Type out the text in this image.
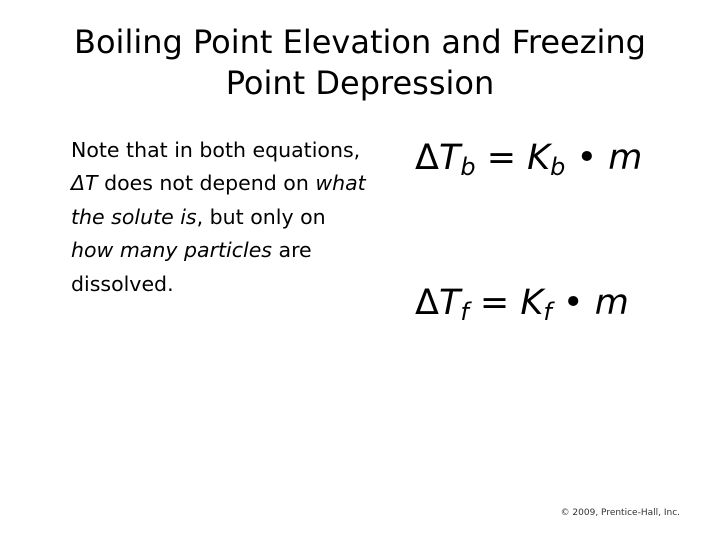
Boiling Point Elevation and Freezing
Point Depression

Note that in both equations, ΔT does not depend on what the solute is, but only on how many particles are dissolved.

$\Delta T_b = K_b$ • m
$\Delta T_f = K_f$ • m
© 2009, Prentice-Hall, Inc.
